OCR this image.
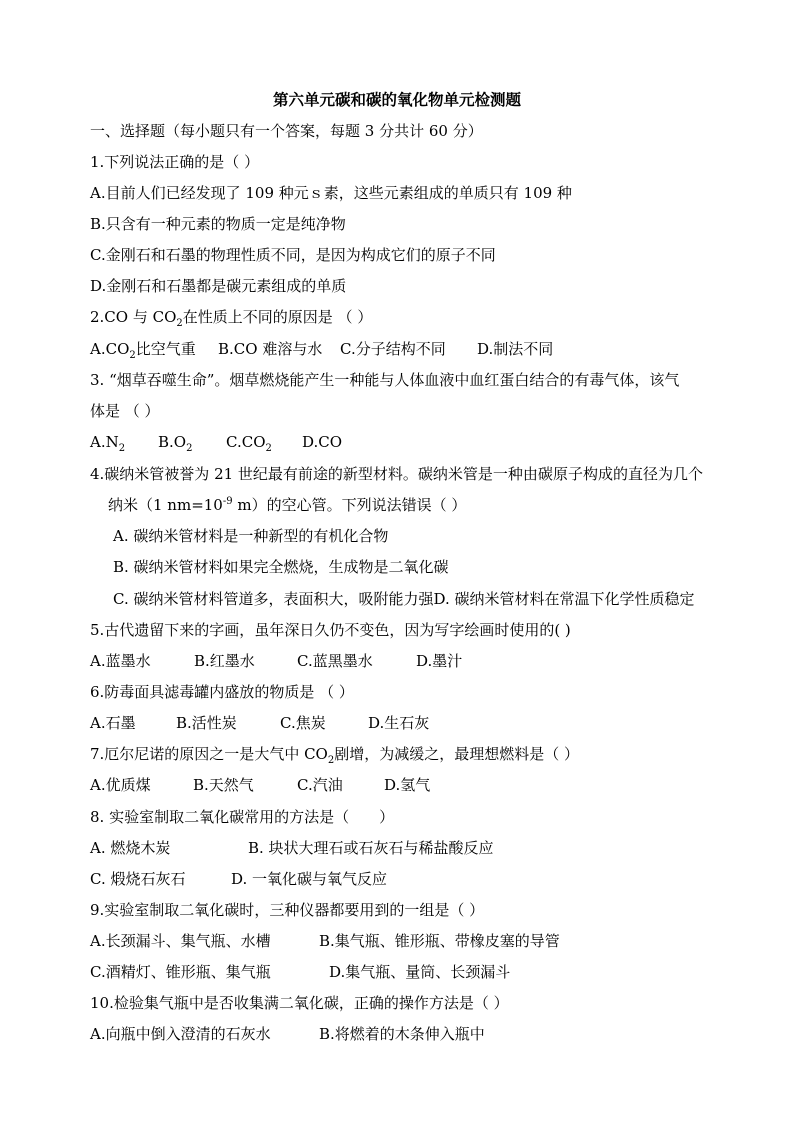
第六单元碳和碳的氧化物单元检测题
一、选择题（每小题只有一个答案，每题 3 分共计 60 分）
1.下列说法正确的是（ ）
A.目前人们已经发现了 109 种元ｓ素，这些元素组成的单质只有 109 种
B.只含有一种元素的物质一定是纯净物
C.金刚石和石墨的物理性质不同，是因为构成它们的原子不同
D.金刚石和石墨都是碳元素组成的单质
2.CO 与 $CO_2$在性质上不同的原因是 （ ）
$A.CO_2$比空气重 B.CO 难溶与水 C.分子结构不同 D.制法不同
3. “烟草吞噬生命”。烟草燃烧能产生一种能与人体血液中血红蛋白结合的有毒气体，该气
体是 （ ）
$A.N_2$ $B.O_2$ $C.CO_2$ D.CO
4.碳纳米管被誉为 21 世纪最有前途的新型材料。碳纳米管是一种由碳原子构成的直径为几个
纳米（1 $nm=10^{-9}$ m）的空心管。下列说法错误（ ）
A. 碳纳米管材料是一种新型的有机化合物
B. 碳纳米管材料如果完全燃烧，生成物是二氧化碳
C. 碳纳米管材料管道多，表面积大，吸附能力强D. 碳纳米管材料在常温下化学性质稳定
5.古代遗留下来的字画，虽年深日久仍不变色，因为写字绘画时使用的( )
A.蓝墨水	B.红墨水	C.蓝黑墨水	D.墨汁
6.防毒面具滤毒罐内盛放的物质是 （ ）
A.石墨	B.活性炭	C.焦炭	D.生石灰
7.厄尔尼诺的原因之一是大气中 $CO_2$剧增，为减缓之，最理想燃料是（ ）
A.优质煤	B.天然气	C.汽油	D.氢气
8. 实验室制取二氧化碳常用的方法是（　　）
A. 燃烧木炭	B. 块状大理石或石灰石与稀盐酸反应
C. 煅烧石灰石	D. 一氧化碳与氧气反应
9.实验室制取二氧化碳时，三种仪器都要用到的一组是（ ）
A.长颈漏斗、集气瓶、水槽	B.集气瓶、锥形瓶、带橡皮塞的导管
C.酒精灯、锥形瓶、集气瓶	D.集气瓶、量筒、长颈漏斗
10.检验集气瓶中是否收集满二氧化碳，正确的操作方法是（ ）
A.向瓶中倒入澄清的石灰水	B.将燃着的木条伸入瓶中
